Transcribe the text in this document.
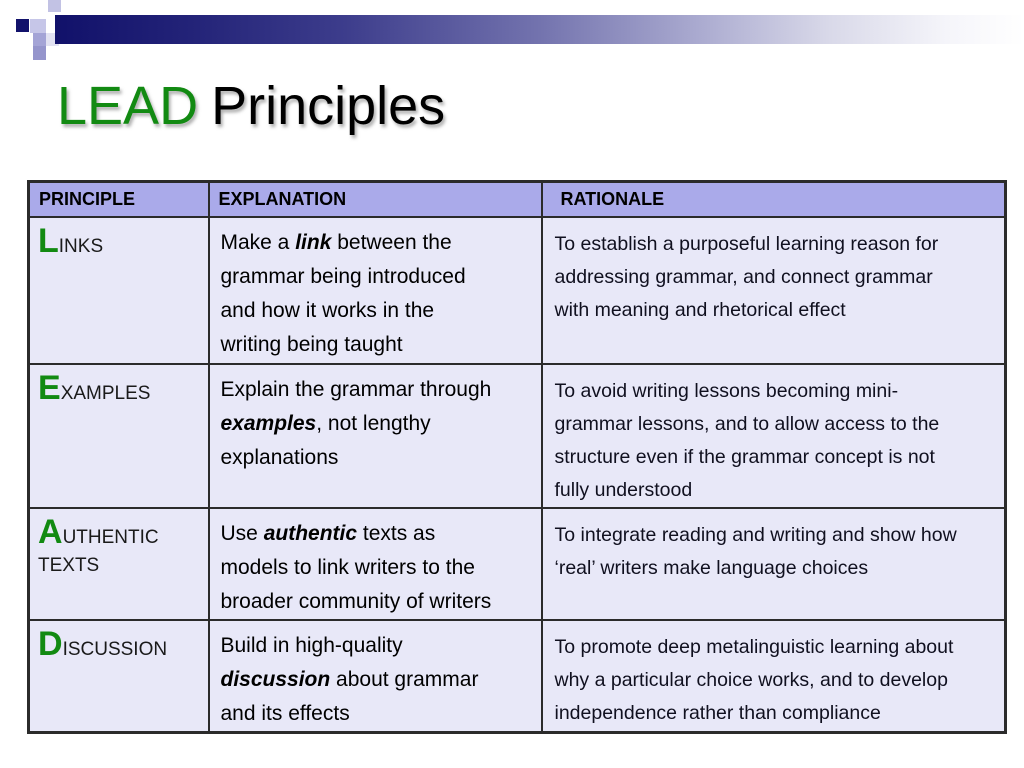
LEAD Principles
PRINCIPLE	EXPLANATION	RATIONALE
LINKS	Make a link between the
grammar being introduced
and how it works in the
writing being taught	To establish a purposeful learning reason for
addressing grammar, and connect grammar
with meaning and rhetorical effect
EXAMPLES	Explain the grammar through
examples, not lengthy
explanations	To avoid writing lessons becoming mini-
grammar lessons, and to allow access to the
structure even if the grammar concept is not
fully understood
AUTHENTIC
TEXTS	Use authentic texts as
models to link writers to the
broader community of writers	To integrate reading and writing and show how
‘real’ writers make language choices
DISCUSSION	Build in high-quality
discussion about grammar
and its effects	To promote deep metalinguistic learning about
why a particular choice works, and to develop
independence rather than compliance
